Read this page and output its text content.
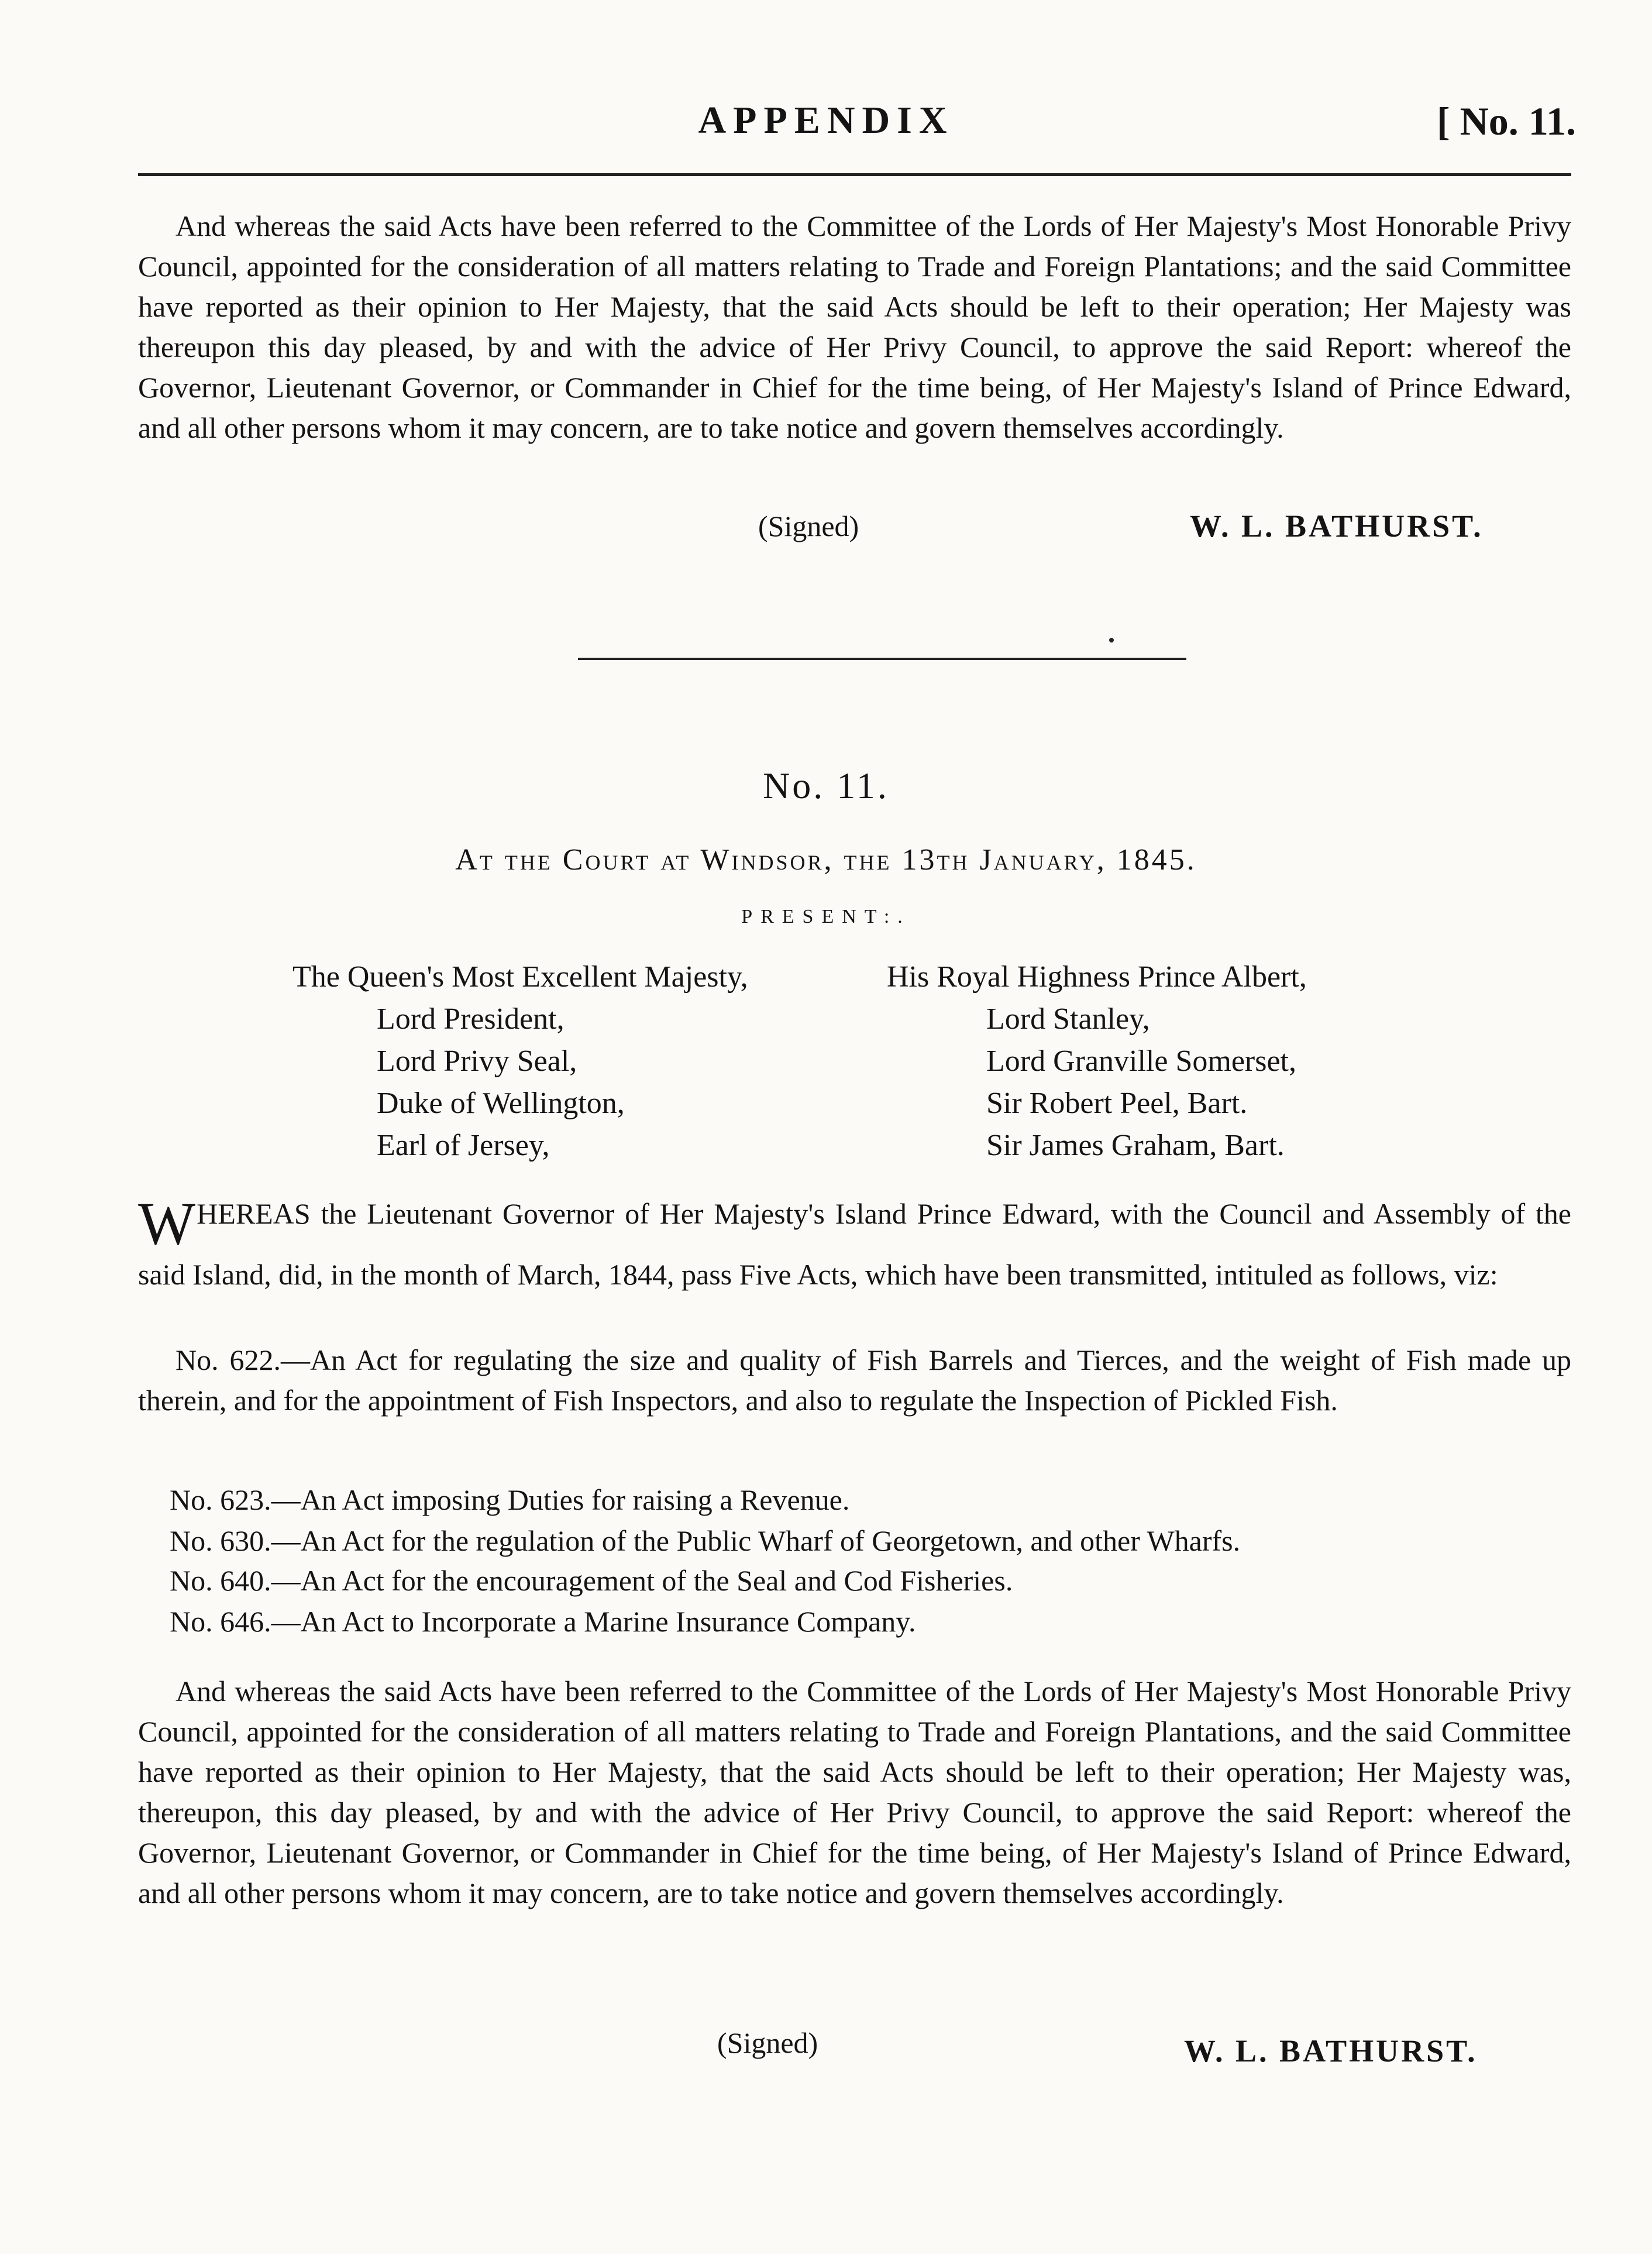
APPENDIX	[ No. 11.
And whereas the said Acts have been referred to the Committee of the Lords of Her Majesty's Most Honorable Privy Council, appointed for the consideration of all matters relating to Trade and Foreign Plantations; and the said Committee have reported as their opinion to Her Majesty, that the said Acts should be left to their operation; Her Majesty was thereupon this day pleased, by and with the advice of Her Privy Council, to approve the said Report: whereof the Governor, Lieutenant Governor, or Commander in Chief for the time being, of Her Majesty's Island of Prince Edward, and all other persons whom it may concern, are to take notice and govern themselves accordingly.
(Signed)	W. L. BATHURST.
No. 11.
At the Court at Windsor, the 13th January, 1845.
PRESENT:.
The Queen's Most Excellent Majesty,
Lord President,
Lord Privy Seal,
Duke of Wellington,
Earl of Jersey,
His Royal Highness Prince Albert,
Lord Stanley,
Lord Granville Somerset,
Sir Robert Peel, Bart.
Sir James Graham, Bart.
WHEREAS the Lieutenant Governor of Her Majesty's Island Prince Edward, with the Council and Assembly of the said Island, did, in the month of March, 1844, pass Five Acts, which have been transmitted, intituled as follows, viz:
No. 622.—An Act for regulating the size and quality of Fish Barrels and Tierces, and the weight of Fish made up therein, and for the appointment of Fish Inspectors, and also to regulate the Inspection of Pickled Fish.
No. 623.—An Act imposing Duties for raising a Revenue.
No. 630.—An Act for the regulation of the Public Wharf of Georgetown, and other Wharfs.
No. 640.—An Act for the encouragement of the Seal and Cod Fisheries.
No. 646.—An Act to Incorporate a Marine Insurance Company.
And whereas the said Acts have been referred to the Committee of the Lords of Her Majesty's Most Honorable Privy Council, appointed for the consideration of all matters relating to Trade and Foreign Plantations, and the said Committee have reported as their opinion to Her Majesty, that the said Acts should be left to their operation; Her Majesty was, thereupon, this day pleased, by and with the advice of Her Privy Council, to approve the said Report: whereof the Governor, Lieutenant Governor, or Commander in Chief for the time being, of Her Majesty's Island of Prince Edward, and all other persons whom it may concern, are to take notice and govern themselves accordingly.
(Signed)	W. L. BATHURST.
